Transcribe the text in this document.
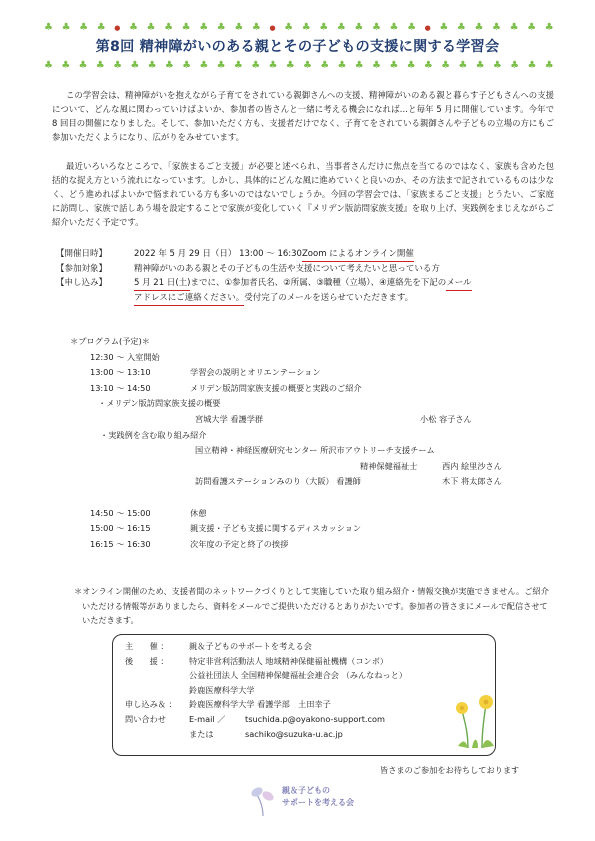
♣ ♣ ♣ ♣ ● ♣ ♣ ♣ ♣ ♣ ♣ ♣ ♣ ● ♣ ♣ ♣ ♣ ♣ ♣ ♣ ♣ ● ♣ ♣ ♣ ♣ ♣ ♣ ♣
♣ ♣ ♣ ♣ ♣ ♣ ♣ ♣ ♣ ♣ ♣ ♣ ♣ ♣ ♣ ♣ ♣ ♣ ♣ ♣ ♣ ♣ ♣ ♣ ♣ ♣ ♣ ♣ ♣ ♣
第8回 精神障がいのある親とその子どもの支援に関する学習会

この学習会は、精神障がいを抱えながら子育てをされている親御さんへの支援、精神障がいのある親と暮らす子どもさんへの支援について、どんな風に関わっていけばよいか、参加者の皆さんと一緒に考える機会になれば…と毎年 5 月に開催しています。今年で 8 回目の開催になりました。そして、参加いただく方も、支援者だけでなく、子育てをされている親御さんや子どもの立場の方にもご参加いただくようになり、広がりをみせています。

最近いろいろなところで、「家族まるごと支援」が必要と述べられ、当事者さんだけに焦点を当てるのではなく、家族も含めた包括的な捉え方という流れになっています。しかし、具体的にどんな風に進めていくと良いのか、その方法まで記されているものは少なく、どう進めればよいかで悩まれている方も多いのではないでしょうか。今回の学習会では、「家族まるごと支援」とうたい、ご家庭に訪問し、家族で話しあう場を設定することで家族が変化していく『メリデン版訪問家族支援』を取り上げ、実践例をまじえながらご紹介いただく予定です。

【開催日時】	2022 年 5 月 29 日（日） 13:00 ～ 16:30 Zoom によるオンライン開催
【参加対象】	精神障がいのある親とその子どもの生活や支援について考えたいと思っている方
【申し込み】	5 月 21 日(土) までに、①参加者氏名、②所属、③職種（立場）、④連絡先を下記の メール
アドレスにご連絡ください。 受付完了のメールを送らせていただきます。
＊プログラム(予定)＊
12:30 ～ 入室開始
13:00 ～ 13:10	学習会の説明とオリエンテーション
13:10 ～ 14:50	メリデン版訪問家族支援の概要と実践のご紹介
・メリデン版訪問家族支援の概要
宮城大学 看護学群	小松 容子さん
・実践例を含む取り組み紹介
国立精神・神経医療研究センター 所沢市アウトリーチ支援チーム
精神保健福祉士	西内 絵里沙さん
訪問看護ステーションみのり（大阪） 看護師	木下 将太郎さん
14:50 ～ 15:00	休憩
15:00 ～ 16:15	親支援・子ども支援に関するディスカッション
16:15 ～ 16:30	次年度の予定と終了の挨拶

＊オンライン開催のため、支援者間のネットワークづくりとして実施していた取り組み紹介・情報交換が実施できません。ご紹介いただける情報等がありましたら、資料をメールでご提供いただけるとありがたいです。参加者の皆さまにメールで配信させていただきます。

主　　催 ：	親＆子どものサポートを考える会
後　　援 ：	特定非営利活動法人 地域精神保健福祉機構（コンボ）
公益社団法人 全国精神保健福祉会連合会 （みんなねっと）
鈴鹿医療科学大学
申し込み＆ ：	鈴鹿医療科学大学 看護学部　土田幸子
問い合わせ	E-mail ／	tsuchida.p@oyakono-support.com
または	sachiko@suzuka-u.ac.jp
皆さまのご参加をお待ちしております
親＆子どもの
サポートを考える会
